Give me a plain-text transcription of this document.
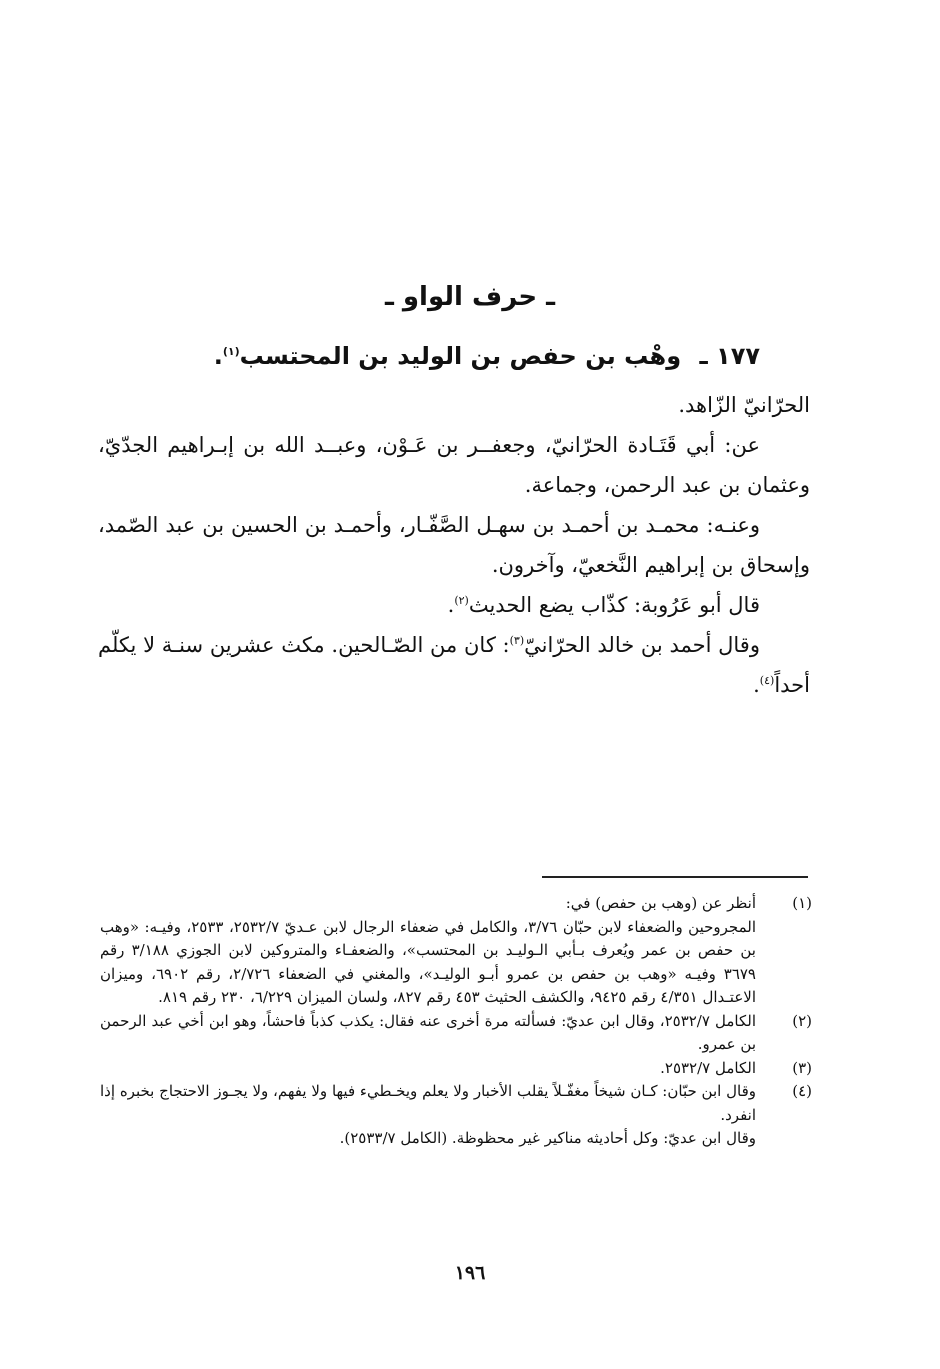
ـ حرف الواو ـ
١٧٧ ـ وهْب بن حفص بن الوليد بن المحتسب$^{(١)}$.

الحرّانيّ الزّاهد.

عن: أبي قَتَـادة الحرّانيّ، وجعفــر بن عَـوْن، وعبــد الله بن إبـراهيم الجدّيّ، وعثمان بن عبد الرحمن، وجماعة.

وعنـه: محمـد بن أحمـد بن سهـل الصَّفّـار، وأحمـد بن الحسين بن عبد الصّمد، وإسحاق بن إبراهيم النَّخعيّ، وآخرون.

قال أبو عَرُوبة: كذّاب يضع الحديث$^{(٢)}$.

وقال أحمد بن خالد الحرّانيّ$^{(٣)}$: كان من الصّـالحين. مكث عشرين سنـة لا يكلّم أحداً$^{(٤)}$.

(١)

أنظر عن (وهب بن حفص) في:

المجروحين والضعفاء لابن حبّان ٣/٧٦، والكامل في ضعفاء الرجال لابن عـديّ ٢٥٣٢/٧، ٢٥٣٣، وفيـه: «وهب بن حفص بن عمر ويُعرف بـأبي الـوليـد بن المحتسب»، والضعفـاء والمتروكين لابن الجوزي ٣/١٨٨ رقم ٣٦٧٩ وفيـه «وهب بن حفص بن عمرو أبـو الوليـد»، والمغني في الضعفاء ٢/٧٢٦، رقم ٦٩٠٢، وميزان الاعتـدال ٤/٣٥١ رقم ٩٤٢٥، والكشف الحثيث ٤٥٣ رقم ٨٢٧، ولسان الميزان ٦/٢٢٩، ٢٣٠ رقم ٨١٩.

(٢)

الكامل ٢٥٣٢/٧، وقال ابن عديّ: فسألته مرة أخرى عنه فقال: يكذب كذباً فاحشاً، وهو ابن أخي عبد الرحمن بن عمرو.

(٣)

الكامل ٢٥٣٢/٧.

(٤)

وقال ابن حبّان: كـان شيخاً مغفّـلاً يقلب الأخبار ولا يعلم ويخـطيء فيها ولا يفهم، ولا يجـوز الاحتجاج بخبره إذا انفرد.

وقال ابن عديّ: وكل أحاديثه مناكير غير محظوظة. (الكامل ٢٥٣٣/٧).

١٩٦
